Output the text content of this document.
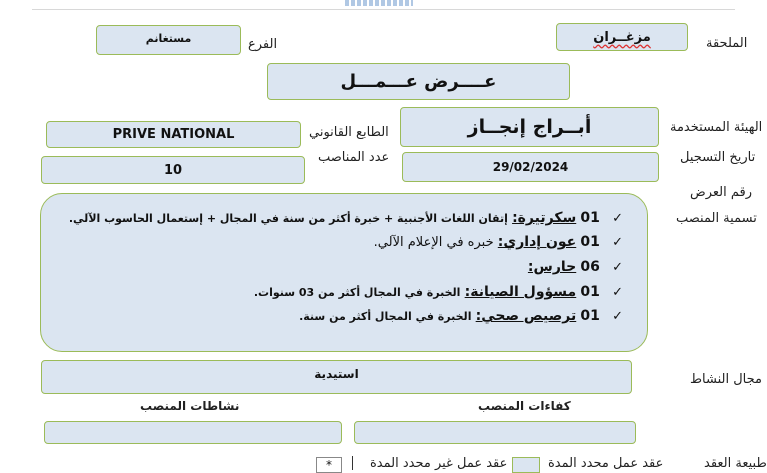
الملحقة
مزغــران
الفرع
مستغانم
عــــرض عـــمـــل
الهيئة المستخدمة
أبــراج إنجــاز
الطابع القانوني
PRIVE NATIONAL
تاريخ التسجيل
29/02/2024
عدد المناصب
10
رقم العرض
تسمية المنصب
✓ 01 سكرتيرة: إتقان اللغات الأجنبية + خبرة أكثر من سنة في المجال + إستعمال الحاسوب الآلي.
✓ 01 عون إداري: خبره في الإعلام الآلي.
✓ 06 حارس:
✓ 01 مسؤول الصيانة: الخبرة في المجال أكثر من 03 سنوات.
✓ 01 ترصيص صحي: الخبرة في المجال أكثر من سنة.
مجال النشاط
استيدية
كفاءات المنصب
نشاطات المنصب
طبيعة العقد
عقد عمل محدد المدة
عقد عمل غير محدد المدة
*
